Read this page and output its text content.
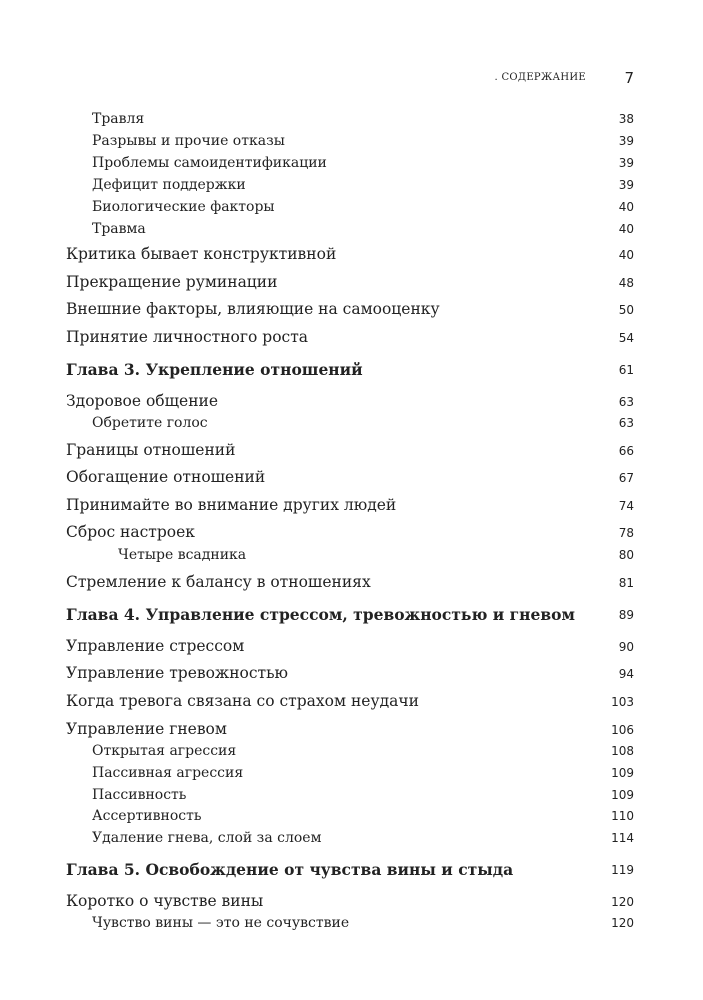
. СОДЕРЖАНИЕ	7
Травля	38
Разрывы и прочие отказы	39
Проблемы самоидентификации	39
Дефицит поддержки	39
Биологические факторы	40
Травма	40
Критика бывает конструктивной	40
Прекращение руминации	48
Внешние факторы, влияющие на самооценку	50
Принятие личностного роста	54
Глава 3. Укрепление отношений	61
Здоровое общение	63
Обретите голос	63
Границы отношений	66
Обогащение отношений	67
Принимайте во внимание других людей	74
Сброс настроек	78
Четыре всадника	80
Стремление к балансу в отношениях	81
Глава 4. Управление стрессом, тревожностью и гневом	89
Управление стрессом	90
Управление тревожностью	94
Когда тревога связана со страхом неудачи	103
Управление гневом	106
Открытая агрессия	108
Пассивная агрессия	109
Пассивность	109
Ассертивность	110
Удаление гнева, слой за слоем	114
Глава 5. Освобождение от чувства вины и стыда	119
Коротко о чувстве вины	120
Чувство вины — это не сочувствие	120
